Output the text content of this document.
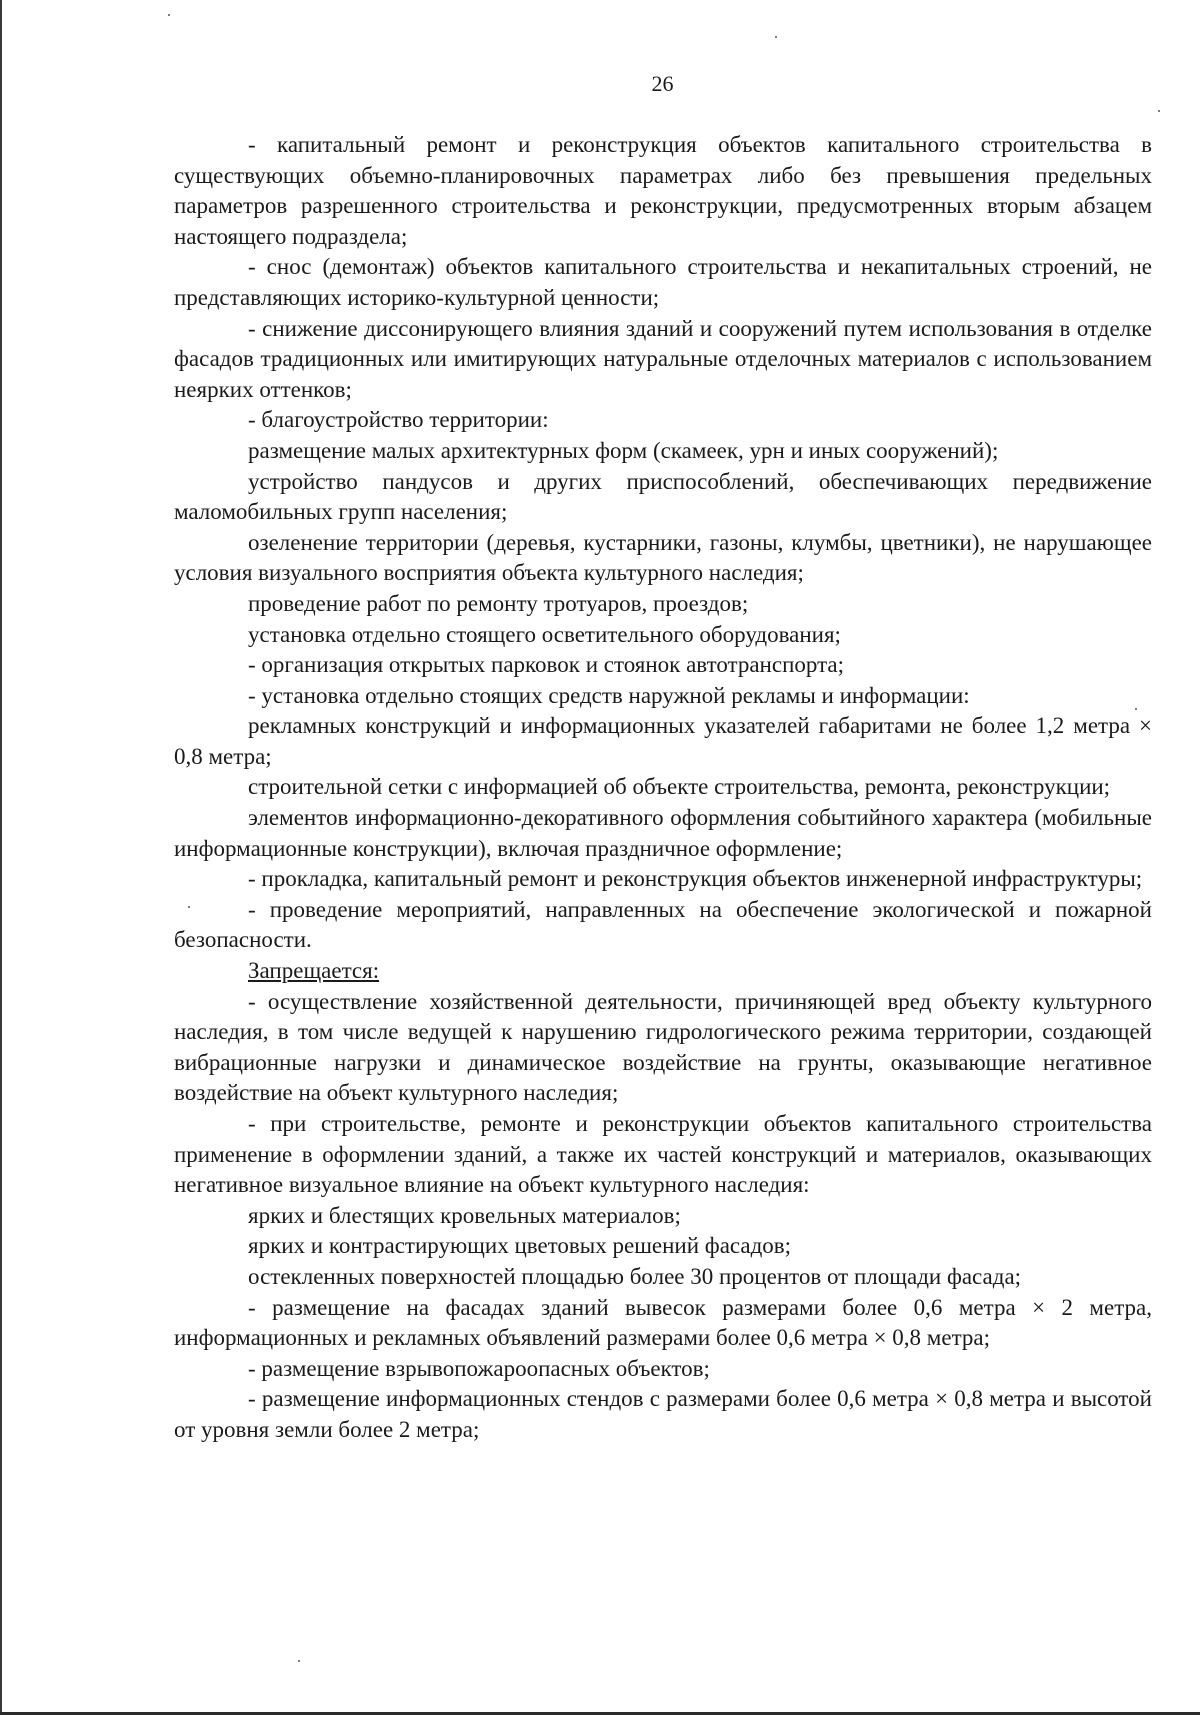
26

- капитальный ремонт и реконструкция объектов капитального строительства в существующих объемно-планировочных параметрах либо без превышения предельных параметров разрешенного строительства и реконструкции, предусмотренных вторым абзацем настоящего подраздела;

- снос (демонтаж) объектов капитального строительства и некапитальных строений, не представляющих историко-культурной ценности;

- снижение диссонирующего влияния зданий и сооружений путем использования в отделке фасадов традиционных или имитирующих натуральные отделочных материалов с использованием неярких оттенков;

- благоустройство территории:

размещение малых архитектурных форм (скамеек, урн и иных сооружений);

устройство пандусов и других приспособлений, обеспечивающих передвижение маломобильных групп населения;

озеленение территории (деревья, кустарники, газоны, клумбы, цветники), не нарушающее условия визуального восприятия объекта культурного наследия;

проведение работ по ремонту тротуаров, проездов;

установка отдельно стоящего осветительного оборудования;

- организация открытых парковок и стоянок автотранспорта;

- установка отдельно стоящих средств наружной рекламы и информации:

рекламных конструкций и информационных указателей габаритами не более 1,2 метра × 0,8 метра;

строительной сетки с информацией об объекте строительства, ремонта, реконструкции;

элементов информационно-декоративного оформления событийного характера (мобильные информационные конструкции), включая праздничное оформление;

- прокладка, капитальный ремонт и реконструкция объектов инженерной инфраструктуры;

- проведение мероприятий, направленных на обеспечение экологической и пожарной безопасности.

Запрещается:

- осуществление хозяйственной деятельности, причиняющей вред объекту культурного наследия, в том числе ведущей к нарушению гидрологического режима территории, создающей вибрационные нагрузки и динамическое воздействие на грунты, оказывающие негативное воздействие на объект культурного наследия;

- при строительстве, ремонте и реконструкции объектов капитального строительства применение в оформлении зданий, а также их частей конструкций и материалов, оказывающих негативное визуальное влияние на объект культурного наследия:

ярких и блестящих кровельных материалов;

ярких и контрастирующих цветовых решений фасадов;

остекленных поверхностей площадью более 30 процентов от площади фасада;

- размещение на фасадах зданий вывесок размерами более 0,6 метра × 2 метра, информационных и рекламных объявлений размерами более 0,6 метра × 0,8 метра;

- размещение взрывопожароопасных объектов;

- размещение информационных стендов с размерами более 0,6 метра × 0,8 метра и высотой от уровня земли более 2 метра;
